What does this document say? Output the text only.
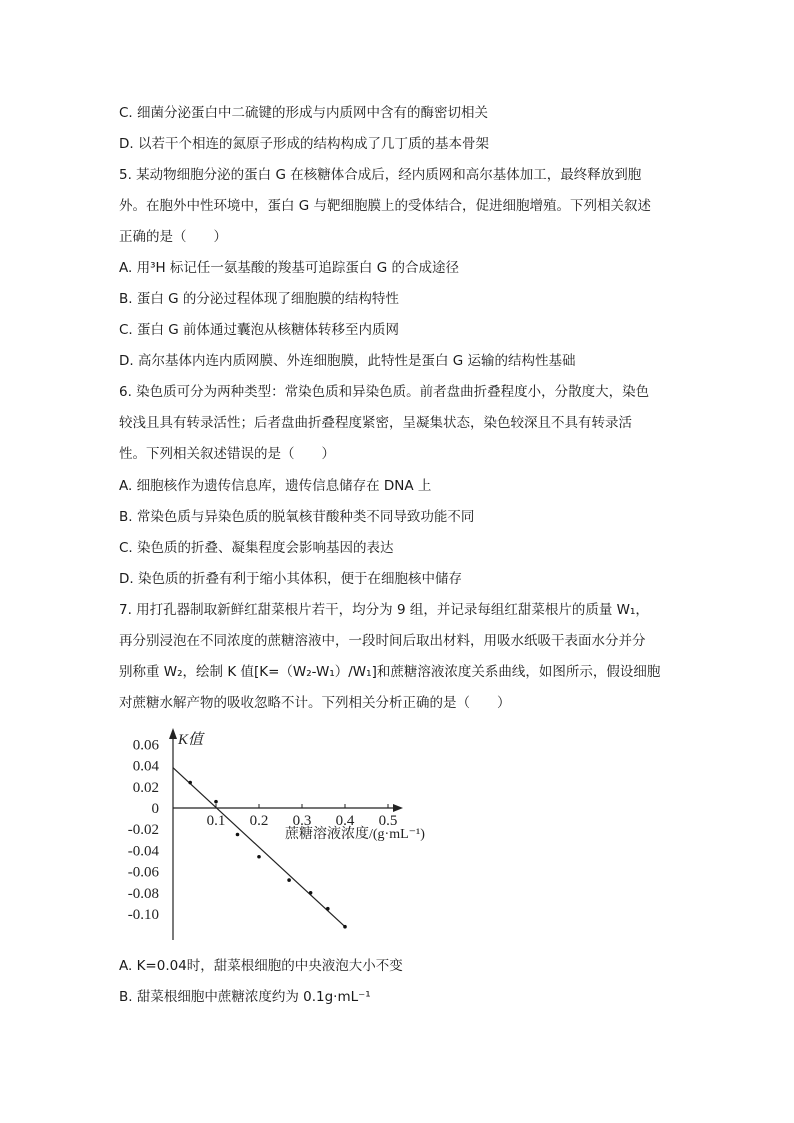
C. 细菌分泌蛋白中二硫键的形成与内质网中含有的酶密切相关
D. 以若干个相连的氮原子形成的结构构成了几丁质的基本骨架
5. 某动物细胞分泌的蛋白 G 在核糖体合成后，经内质网和高尔基体加工，最终释放到胞
外。在胞外中性环境中，蛋白 G 与靶细胞膜上的受体结合，促进细胞增殖。下列相关叙述
正确的是（　　）
A. 用³H 标记任一氨基酸的羧基可追踪蛋白 G 的合成途径
B. 蛋白 G 的分泌过程体现了细胞膜的结构特性
C. 蛋白 G 前体通过囊泡从核糖体转移至内质网
D. 高尔基体内连内质网膜、外连细胞膜，此特性是蛋白 G 运输的结构性基础
6. 染色质可分为两种类型：常染色质和异染色质。前者盘曲折叠程度小，分散度大，染色
较浅且具有转录活性；后者盘曲折叠程度紧密，呈凝集状态，染色较深且不具有转录活
性。下列相关叙述错误的是（　　）
A. 细胞核作为遗传信息库，遗传信息储存在 DNA 上
B. 常染色质与异染色质的脱氧核苷酸种类不同导致功能不同
C. 染色质的折叠、凝集程度会影响基因的表达
D. 染色质的折叠有利于缩小其体积，便于在细胞核中储存
7. 用打孔器制取新鲜红甜菜根片若干，均分为 9 组，并记录每组红甜菜根片的质量 W₁，
再分别浸泡在不同浓度的蔗糖溶液中，一段时间后取出材料，用吸水纸吸干表面水分并分
别称重 W₂，绘制 K 值[K=（W₂-W₁）/W₁]和蔗糖溶液浓度关系曲线，如图所示，假设细胞
对蔗糖水解产物的吸收忽略不计。下列相关分析正确的是（　　）
0.1 0.2 0.3 0.4 0.5
0.06
0.04
0.02
0
-0.02
-0.04
-0.06
-0.08
-0.10
K值
蔗糖溶液浓度/(g·mL⁻¹)
A. K=0.04时，甜菜根细胞的中央液泡大小不变
B. 甜菜根细胞中蔗糖浓度约为 0.1g·mL⁻¹
